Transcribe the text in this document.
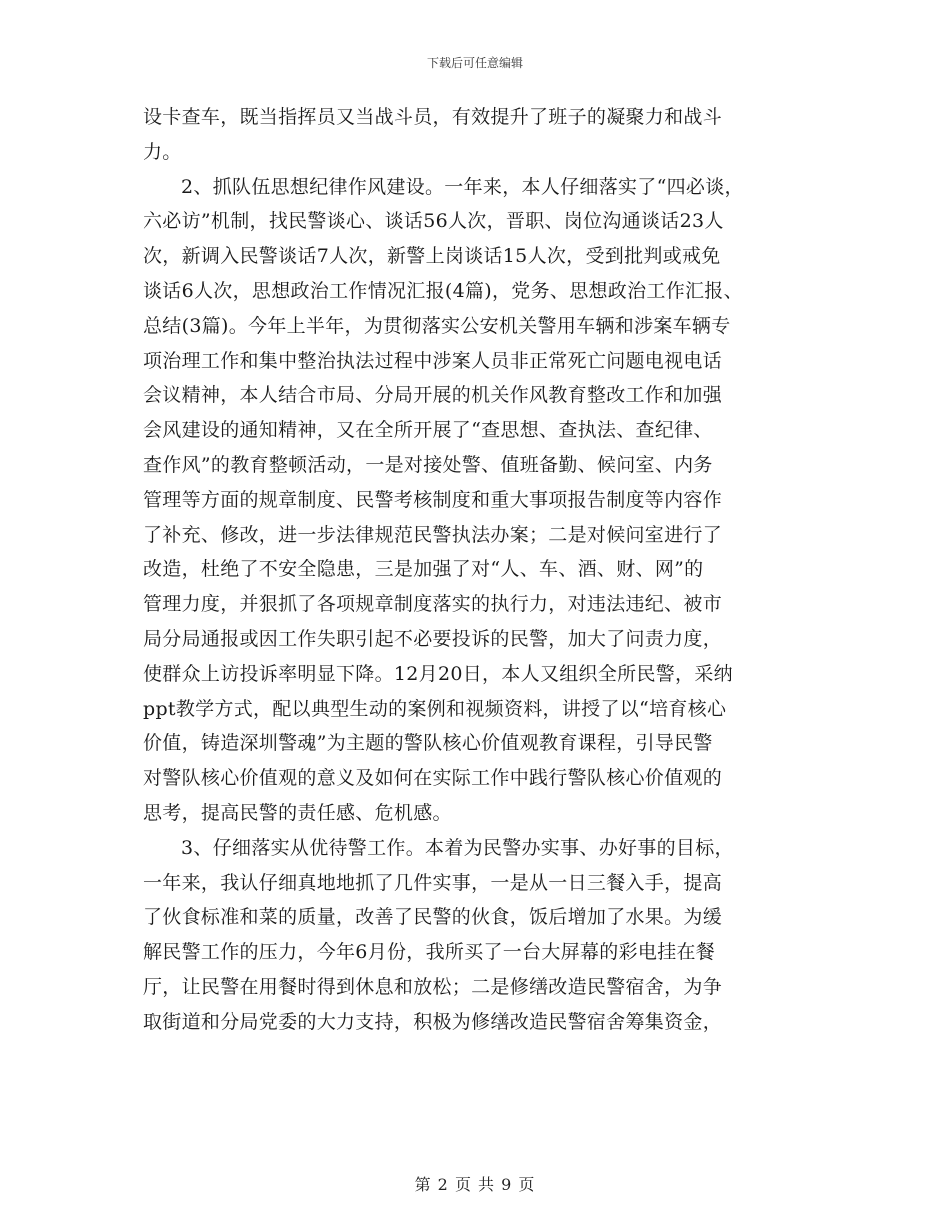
下载后可任意编辑

设卡查车，既当指挥员又当战斗员，有效提升了班子的凝聚力和战斗
力。

2、抓队伍思想纪律作风建设。一年来，本人仔细落实了“四必谈，
六必访”机制，找民警谈心、谈话56人次，晋职、岗位沟通谈话23人
次，新调入民警谈话7人次，新警上岗谈话15人次，受到批判或戒免
谈话6人次，思想政治工作情况汇报(4篇)，党务、思想政治工作汇报、
总结(3篇)。今年上半年，为贯彻落实公安机关警用车辆和涉案车辆专
项治理工作和集中整治执法过程中涉案人员非正常死亡问题电视电话
会议精神，本人结合市局、分局开展的机关作风教育整改工作和加强
会风建设的通知精神，又在全所开展了“查思想、查执法、查纪律、
查作风”的教育整顿活动，一是对接处警、值班备勤、候问室、内务
管理等方面的规章制度、民警考核制度和重大事项报告制度等内容作
了补充、修改，进一步法律规范民警执法办案；二是对候问室进行了
改造，杜绝了不安全隐患，三是加强了对“人、车、酒、财、网”的
管理力度，并狠抓了各项规章制度落实的执行力，对违法违纪、被市
局分局通报或因工作失职引起不必要投诉的民警，加大了问责力度，
使群众上访投诉率明显下降。12月20日，本人又组织全所民警，采纳
ppt教学方式，配以典型生动的案例和视频资料，讲授了以“培育核心
价值，铸造深圳警魂”为主题的警队核心价值观教育课程，引导民警
对警队核心价值观的意义及如何在实际工作中践行警队核心价值观的
思考，提高民警的责任感、危机感。

3、仔细落实从优待警工作。本着为民警办实事、办好事的目标，
一年来，我认仔细真地地抓了几件实事，一是从一日三餐入手，提高
了伙食标准和菜的质量，改善了民警的伙食，饭后增加了水果。为缓
解民警工作的压力，今年6月份，我所买了一台大屏幕的彩电挂在餐
厅，让民警在用餐时得到休息和放松；二是修缮改造民警宿舍，为争
取街道和分局党委的大力支持，积极为修缮改造民警宿舍筹集资金，

第 2 页 共 9 页
